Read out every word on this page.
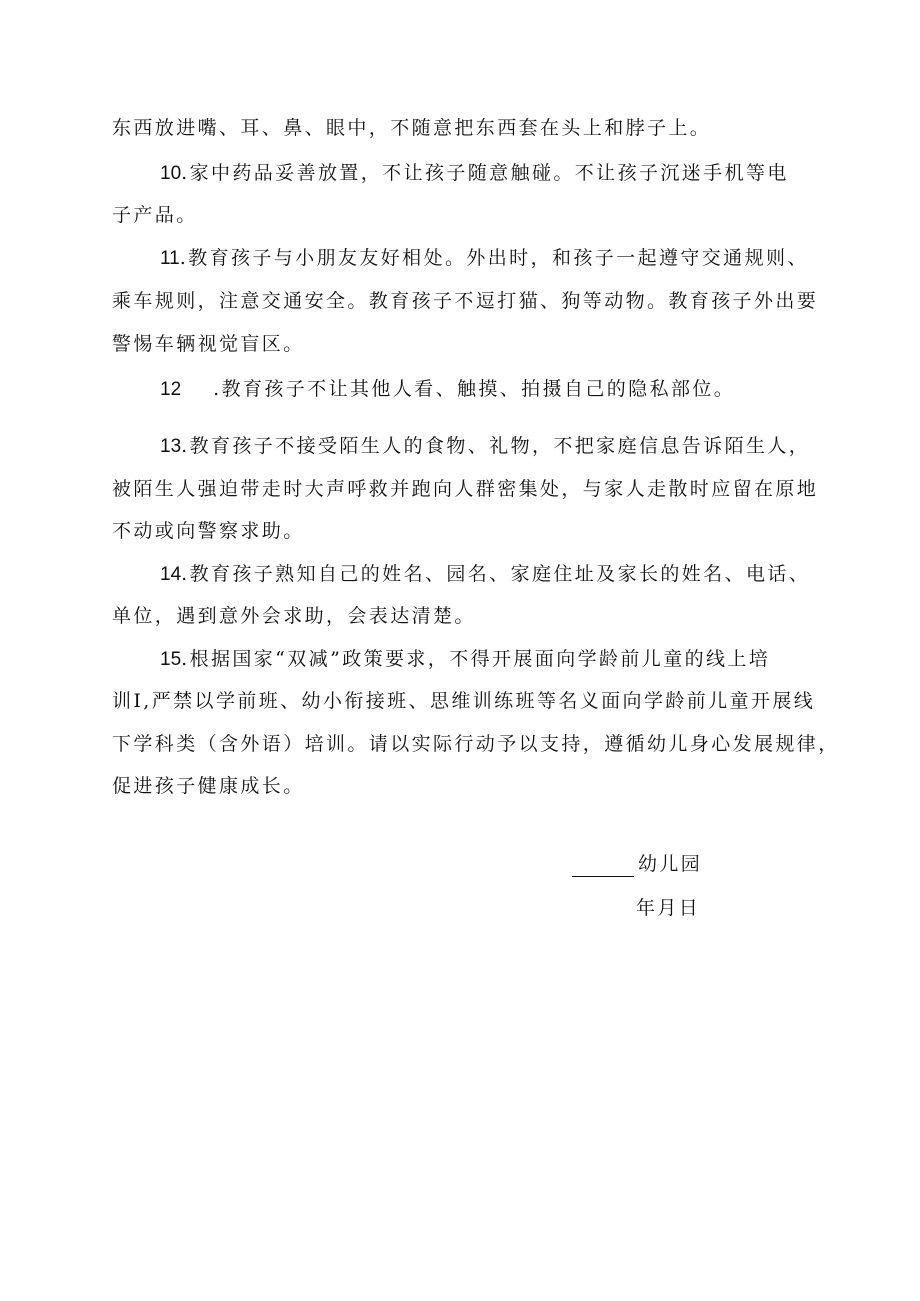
东西放进嘴、耳、鼻、眼中，不随意把东西套在头上和脖子上。
10.家中药品妥善放置，不让孩子随意触碰。不让孩子沉迷手机等电
子产品。
11.教育孩子与小朋友友好相处。外出时，和孩子一起遵守交通规则、
乘车规则，注意交通安全。教育孩子不逗打猫、狗等动物。教育孩子外出要
警惕车辆视觉盲区。
12 .教育孩子不让其他人看、触摸、拍摄自己的隐私部位。
13.教育孩子不接受陌生人的食物、礼物，不把家庭信息告诉陌生人，
被陌生人强迫带走时大声呼救并跑向人群密集处，与家人走散时应留在原地
不动或向警察求助。
14.教育孩子熟知自己的姓名、园名、家庭住址及家长的姓名、电话、
单位，遇到意外会求助，会表达清楚。
15.根据国家“双减”政策要求，不得开展面向学龄前儿童的线上培
训I,严禁以学前班、幼小衔接班、思维训练班等名义面向学龄前儿童开展线
下学科类（含外语）培训。请以实际行动予以支持，遵循幼儿身心发展规律，
促进孩子健康成长。
幼儿园
年月日
